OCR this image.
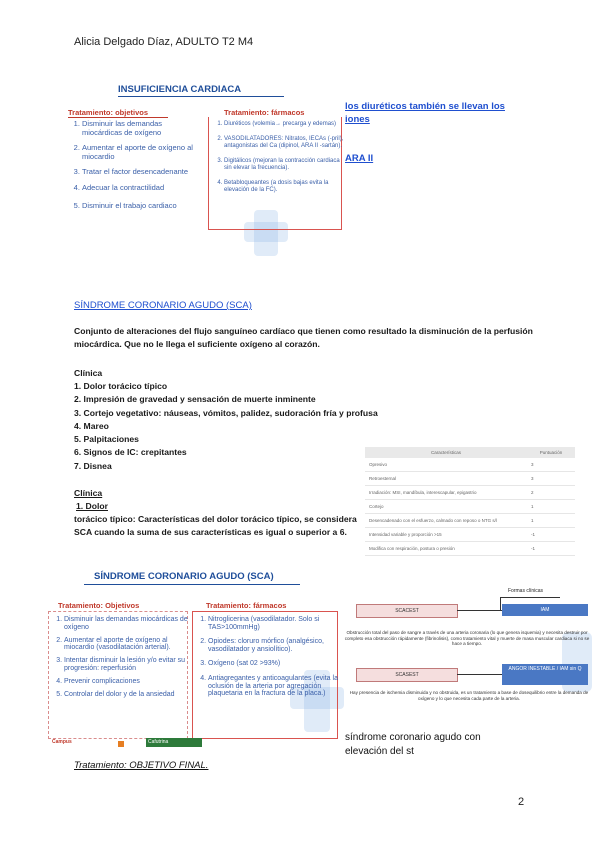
Alicia Delgado Díaz, ADULTO T2 M4
INSUFICIENCIA CARDIACA
Tratamiento: objetivos
1. Disminuir las demandas miocárdicas de oxígeno
2. Aumentar el aporte de oxígeno al miocardio
3. Tratar el factor desencadenante
4. Adecuar la contractilidad
5. Disminuir el trabajo cardiaco
Tratamiento: fármacos
1. Diuréticos (volemia→ precarga y edemas)
2. VASODILATADORES: Nitratos, IECAs (-pril), antagonistas del Ca (dipinol, ARA II -sartán).
3. Digitálicos (mejoran la contracción cardiaca sin elevar la frecuencia).
4. Betabloqueantes (a dosis bajas evita la elevación de la FC).
los diuréticos también se llevan los iones
ARA II
SÍNDROME CORONARIO AGUDO (SCA)
Conjunto de alteraciones del flujo sanguíneo cardíaco que tienen como resultado la disminución de la perfusión miocárdica. Que no le llega el suficiente oxígeno al corazón.
Clínica
1. Dolor torácico típico
2. Impresión de gravedad y sensación de muerte inminente
3. Cortejo vegetativo: náuseas, vómitos, palidez, sudoración fría y profusa
4. Mareo
5. Palpitaciones
6. Signos de IC: crepitantes
7. Disnea
Clínica
1. Dolor
torácico típico: Características del dolor torácico típico, se considera SCA cuando la suma de sus características es igual o superior a 6.
Características	Puntuación
Opresivo	3
Retroesternal	3
Irradiación: MSI, mandíbula, interescapular, epigastrio	2
Cortejo	1
Desencadenado con el esfuerzo, calmado con reposo o NTG s/l	1
Intensidad variable y proporción >15	-1
Modifica con respiración, postura o presión	-1
SÍNDROME CORONARIO AGUDO (SCA)
Tratamiento: Objetivos
1. Disminuir las demandas miocárdicas de oxígeno
2. Aumentar el aporte de oxígeno al miocardio (vasodilatación arterial).
3. Intentar disminuir la lesión y/o evitar su progresión: reperfusión
4. Prevenir complicaciones
5. Controlar del dolor y de la ansiedad
Tratamiento: fármacos
1. Nitroglicerina (vasodilatador. Solo si TAS>100mmHg)
2. Opiodes: cloruro mórfico (analgésico, vasodilatador y ansiolítico).
3. Oxígeno (sat 02 >93%)
4. Antiagregantes y anticoagulantes (evita la oclusión de la arteria por agregación plaquetaria en la fractura de la placa.)
Campus	Cafutrina
Formas clínicas
SCACEST	IAM
Obstrucción total del paso de sangre a través de una arteria coronaria (lo que genera isquemia) y necesita destruir por completo esa obstrucción rápidamente (fibrinolisis), como tratamiento vital y muerte de masa muscular cardiaca si no se hace a tiempo.
SCASEST
ANGOR INESTABLE / IAM sin Q
Hay presencia de ischemia disminuida y no obstruida, es un tratamiento a base de dosequilibrio entre la demanda de oxígeno y lo que necesita cada parte de la arteria.
síndrome coronario agudo con elevación del st
Tratamiento: OBJETIVO FINAL.
2
